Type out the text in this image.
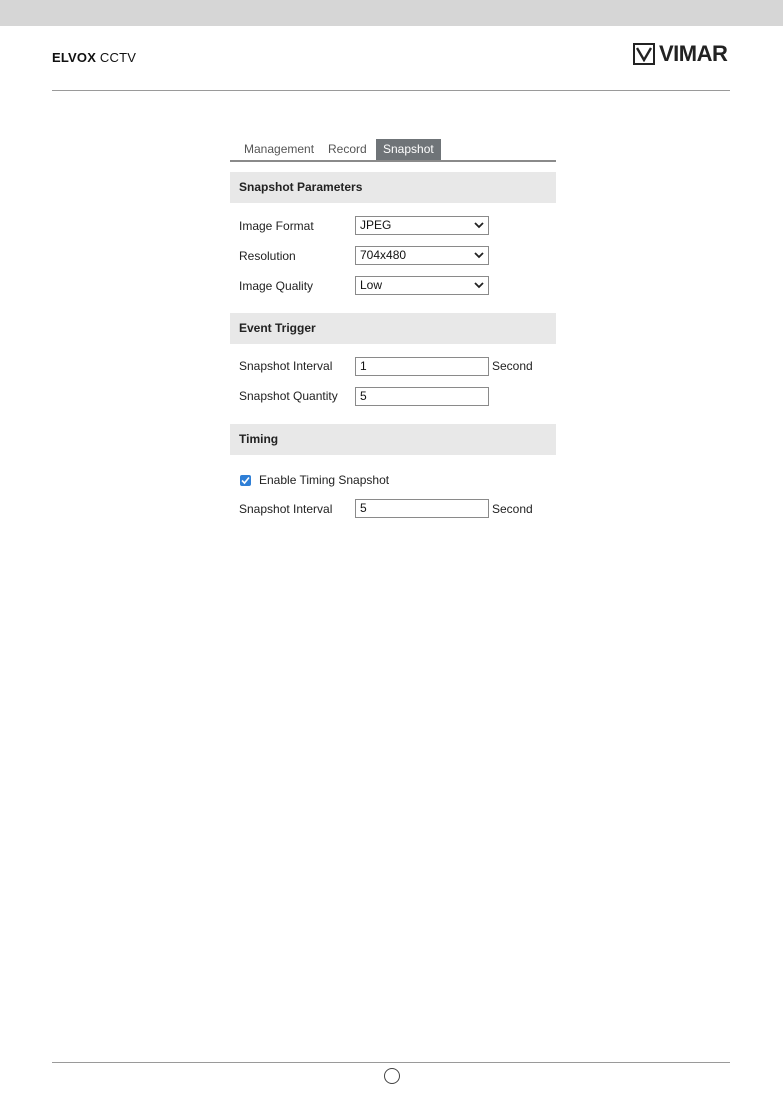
ELVOX CCTV	VIMAR
Management Record	Snapshot
Snapshot Parameters
Image Format	JPEG
Resolution	704x480
Image Quality	Low
Event Trigger
Snapshot Interval	1	Second
Snapshot Quantity	5
Timing
Enable Timing Snapshot
Snapshot Interval	5	Second
